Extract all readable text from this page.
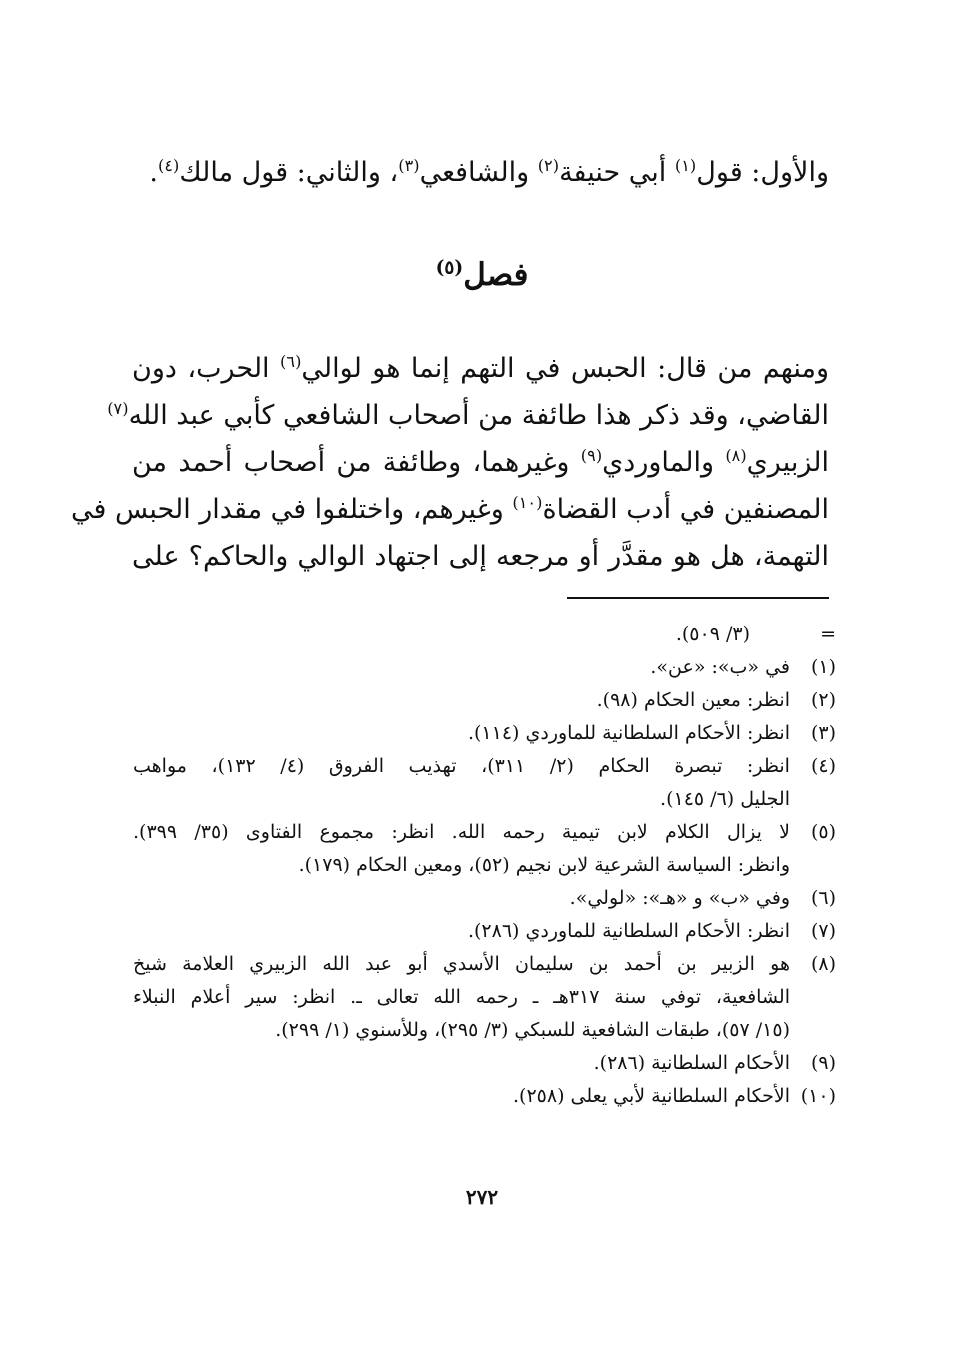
والأول: قول$^{(١)}$ أبي حنيفة$^{(٢)}$ والشافعي$^{(٣)}$، والثاني: قول مالك$^{(٤)}$.
فصل$^{(٥)}$
ومنهم من قال: الحبس في التهم إنما هو لوالي$^{(٦)}$ الحرب، دون
القاضي، وقد ذكر هذا طائفة من أصحاب الشافعي كأبي عبد الله$^{(٧)}$
الزبيري$^{(٨)}$ والماوردي$^{(٩)}$ وغيرهما، وطائفة من أصحاب أحمد من
المصنفين في أدب القضاة$^{(١٠)}$ وغيرهم، واختلفوا في مقدار الحبس في
التهمة، هل هو مقدَّر أو مرجعه إلى اجتهاد الوالي والحاكم؟ على
=
(٣/ ٥٠٩).
(١)
في «ب»: «عن».
(٢)
انظر: معين الحكام (٩٨).
(٣)
انظر: الأحكام السلطانية للماوردي (١١٤).
(٤)
انظر: تبصرة الحكام (٢/ ٣١١)، تهذيب الفروق (٤/ ١٣٢)، مواهب
الجليل (٦/ ١٤٥).
(٥)
لا يزال الكلام لابن تيمية رحمه الله. انظر: مجموع الفتاوى (٣٥/ ٣٩٩).
وانظر: السياسة الشرعية لابن نجيم (٥٢)، ومعين الحكام (١٧٩).
(٦)
وفي «ب» و «هـ»: «لولي».
(٧)
انظر: الأحكام السلطانية للماوردي (٢٨٦).
(٨)
هو الزبير بن أحمد بن سليمان الأسدي أبو عبد الله الزبيري العلامة شيخ
الشافعية، توفي سنة ٣١٧هـ ـ رحمه الله تعالى ـ. انظر: سير أعلام النبلاء
(١٥/ ٥٧)، طبقات الشافعية للسبكي (٣/ ٢٩٥)، وللأسنوي (١/ ٢٩٩).
(٩)
الأحكام السلطانية (٢٨٦).
(١٠)
الأحكام السلطانية لأبي يعلى (٢٥٨).
٢٧٢
